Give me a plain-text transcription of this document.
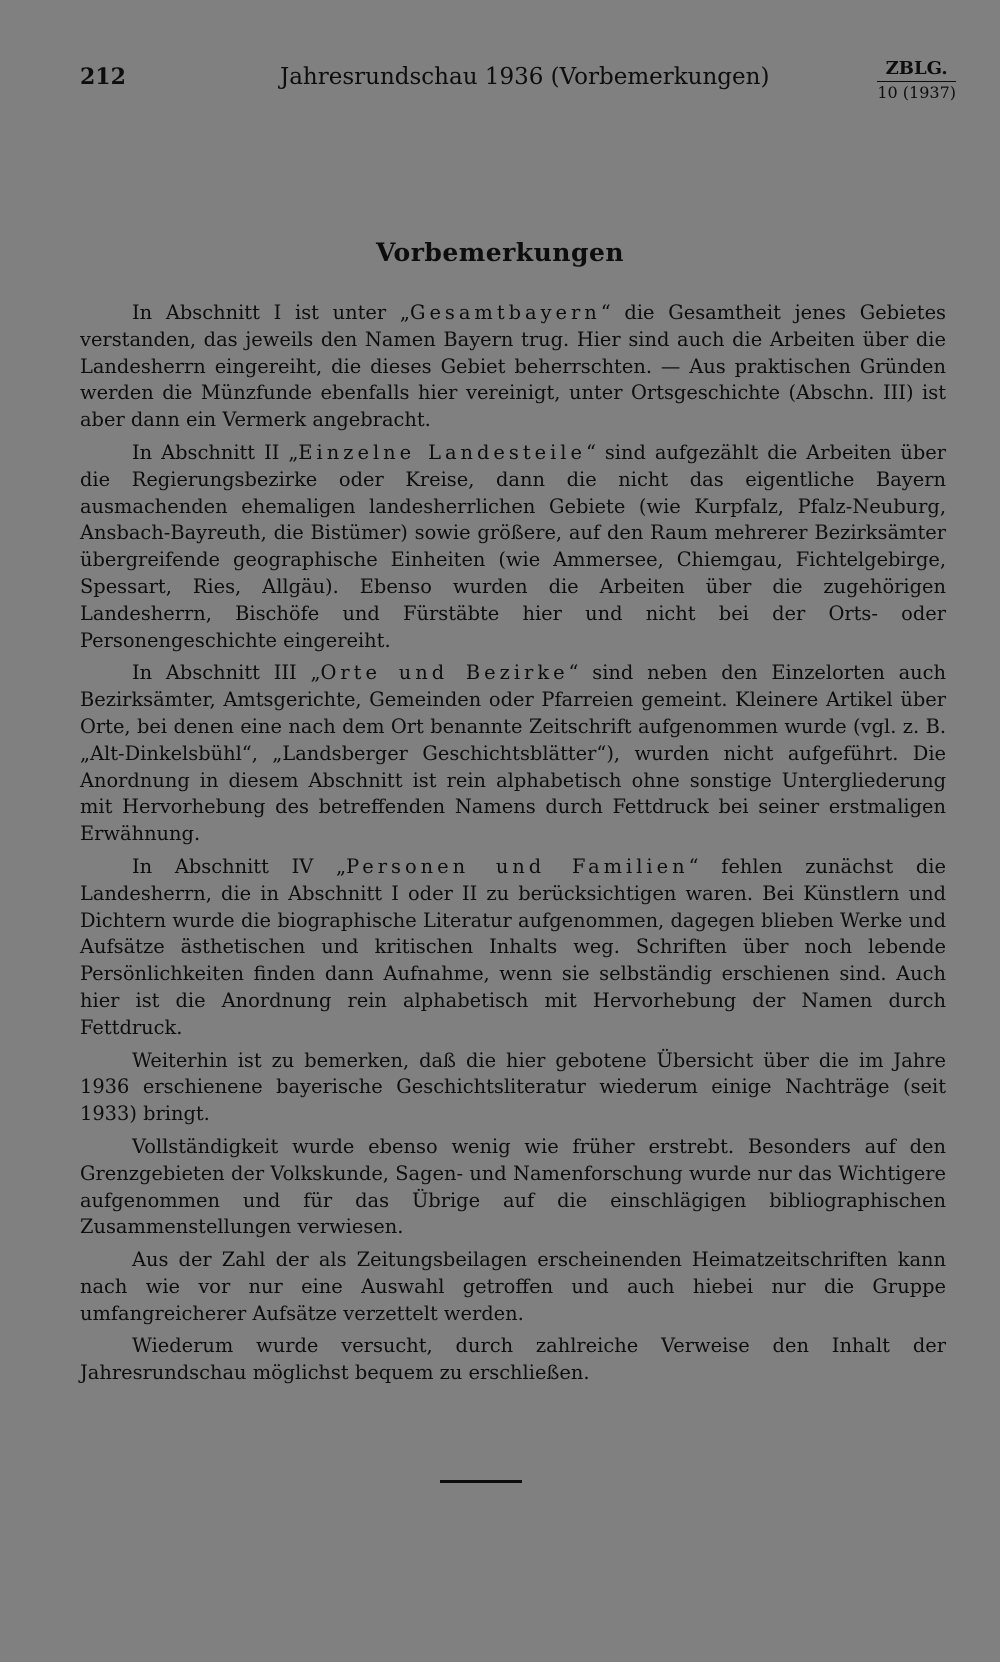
212	Jahresrundschau 1936 (Vorbemerkungen)	ZBLG.
10 (1937)
Vorbemerkungen

In Abschnitt I ist unter „Gesamtbayern“ die Gesamtheit jenes Gebietes verstanden, das jeweils den Namen Bayern trug. Hier sind auch die Arbeiten über die Landesherrn eingereiht, die dieses Gebiet beherrschten. — Aus praktischen Gründen werden die Münzfunde ebenfalls hier vereinigt, unter Ortsgeschichte (Abschn. III) ist aber dann ein Vermerk angebracht.

In Abschnitt II „Einzelne Landesteile“ sind aufgezählt die Arbeiten über die Regierungsbezirke oder Kreise, dann die nicht das eigentliche Bayern ausmachenden ehemaligen landesherrlichen Gebiete (wie Kurpfalz, Pfalz-Neuburg, Ansbach-Bayreuth, die Bistümer) sowie größere, auf den Raum mehrerer Bezirksämter übergreifende geographische Einheiten (wie Ammersee, Chiemgau, Fichtelgebirge, Spessart, Ries, Allgäu). Ebenso wurden die Arbeiten über die zugehörigen Landesherrn, Bischöfe und Fürstäbte hier und nicht bei der Orts- oder Personengeschichte eingereiht.

In Abschnitt III „Orte und Bezirke“ sind neben den Einzelorten auch Bezirksämter, Amtsgerichte, Gemeinden oder Pfarreien gemeint. Kleinere Artikel über Orte, bei denen eine nach dem Ort benannte Zeitschrift aufgenommen wurde (vgl. z. B. „Alt-Dinkelsbühl“, „Landsberger Geschichtsblätter“), wurden nicht aufgeführt. Die Anordnung in diesem Abschnitt ist rein alphabetisch ohne sonstige Untergliederung mit Hervorhebung des betreffenden Namens durch Fettdruck bei seiner erstmaligen Erwähnung.

In Abschnitt IV „Personen und Familien“ fehlen zunächst die Landesherrn, die in Abschnitt I oder II zu berücksichtigen waren. Bei Künstlern und Dichtern wurde die biographische Literatur aufgenommen, dagegen blieben Werke und Aufsätze ästhetischen und kritischen Inhalts weg. Schriften über noch lebende Persönlichkeiten finden dann Aufnahme, wenn sie selbständig erschienen sind. Auch hier ist die Anordnung rein alphabetisch mit Hervorhebung der Namen durch Fettdruck.

Weiterhin ist zu bemerken, daß die hier gebotene Übersicht über die im Jahre 1936 erschienene bayerische Geschichtsliteratur wiederum einige Nachträge (seit 1933) bringt.

Vollständigkeit wurde ebenso wenig wie früher erstrebt. Besonders auf den Grenzgebieten der Volkskunde, Sagen- und Namenforschung wurde nur das Wichtigere aufgenommen und für das Übrige auf die einschlägigen bibliographischen Zusammenstellungen verwiesen.

Aus der Zahl der als Zeitungsbeilagen erscheinenden Heimatzeitschriften kann nach wie vor nur eine Auswahl getroffen und auch hiebei nur die Gruppe umfangreicherer Aufsätze verzettelt werden.

Wiederum wurde versucht, durch zahlreiche Verweise den Inhalt der Jahresrundschau möglichst bequem zu erschließen.
